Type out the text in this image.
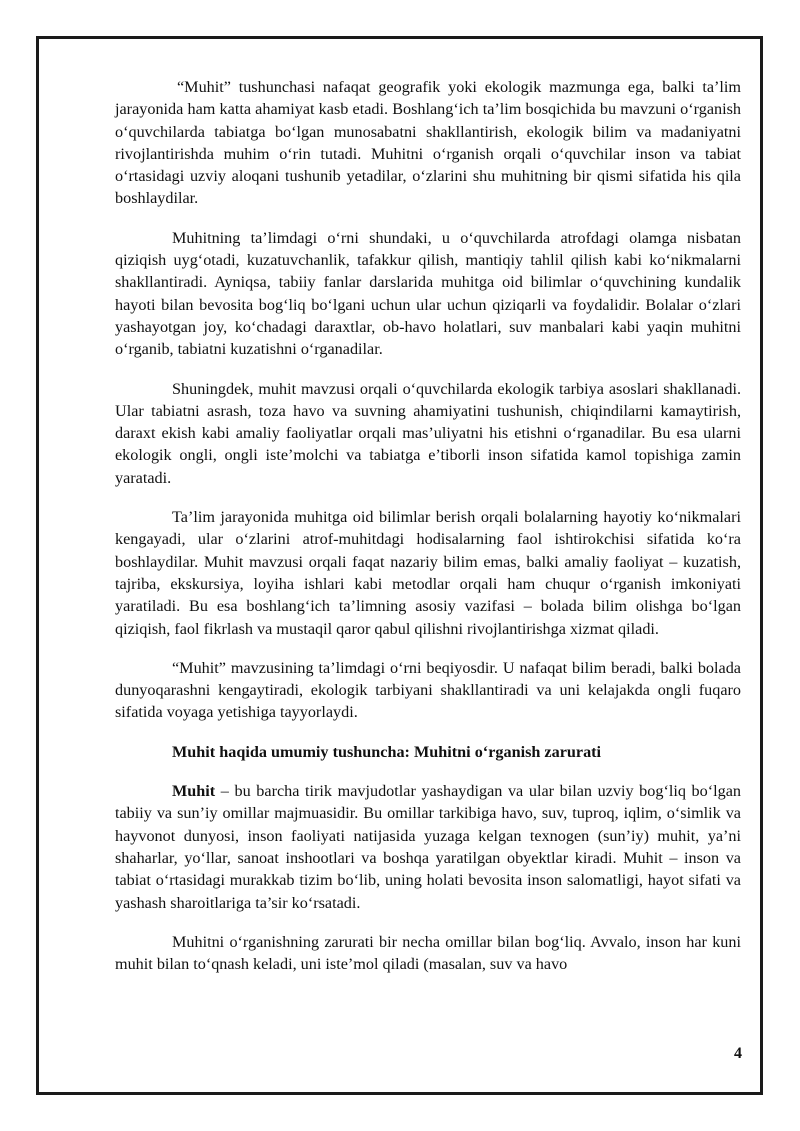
“Muhit” tushunchasi nafaqat geografik yoki ekologik mazmunga ega, balki ta’lim jarayonida ham katta ahamiyat kasb etadi. Boshlang‘ich ta’lim bosqichida bu mavzuni o‘rganish o‘quvchilarda tabiatga bo‘lgan munosabatni shakllantirish, ekologik bilim va madaniyatni rivojlantirishda muhim o‘rin tutadi. Muhitni o‘rganish orqali o‘quvchilar inson va tabiat o‘rtasidagi uzviy aloqani tushunib yetadilar, o‘zlarini shu muhitning bir qismi sifatida his qila boshlaydilar.

Muhitning ta’limdagi o‘rni shundaki, u o‘quvchilarda atrofdagi olamga nisbatan qiziqish uyg‘otadi, kuzatuvchanlik, tafakkur qilish, mantiqiy tahlil qilish kabi ko‘nikmalarni shakllantiradi. Ayniqsa, tabiiy fanlar darslarida muhitga oid bilimlar o‘quvchining kundalik hayoti bilan bevosita bog‘liq bo‘lgani uchun ular uchun qiziqarli va foydalidir. Bolalar o‘zlari yashayotgan joy, ko‘chadagi daraxtlar, ob-havo holatlari, suv manbalari kabi yaqin muhitni o‘rganib, tabiatni kuzatishni o‘rganadilar.

Shuningdek, muhit mavzusi orqali o‘quvchilarda ekologik tarbiya asoslari shakllanadi. Ular tabiatni asrash, toza havo va suvning ahamiyatini tushunish, chiqindilarni kamaytirish, daraxt ekish kabi amaliy faoliyatlar orqali mas’uliyatni his etishni o‘rganadilar. Bu esa ularni ekologik ongli, ongli iste’molchi va tabiatga e’tiborli inson sifatida kamol topishiga zamin yaratadi.

Ta’lim jarayonida muhitga oid bilimlar berish orqali bolalarning hayotiy ko‘nikmalari kengayadi, ular o‘zlarini atrof-muhitdagi hodisalarning faol ishtirokchisi sifatida ko‘ra boshlaydilar. Muhit mavzusi orqali faqat nazariy bilim emas, balki amaliy faoliyat – kuzatish, tajriba, ekskursiya, loyiha ishlari kabi metodlar orqali ham chuqur o‘rganish imkoniyati yaratiladi. Bu esa boshlang‘ich ta’limning asosiy vazifasi – bolada bilim olishga bo‘lgan qiziqish, faol fikrlash va mustaqil qaror qabul qilishni rivojlantirishga xizmat qiladi.

“Muhit” mavzusining ta’limdagi o‘rni beqiyosdir. U nafaqat bilim beradi, balki bolada dunyoqarashni kengaytiradi, ekologik tarbiyani shakllantiradi va uni kelajakda ongli fuqaro sifatida voyaga yetishiga tayyorlaydi.

Muhit haqida umumiy tushuncha: Muhitni o‘rganish zarurati

Muhit – bu barcha tirik mavjudotlar yashaydigan va ular bilan uzviy bog‘liq bo‘lgan tabiiy va sun’iy omillar majmuasidir. Bu omillar tarkibiga havo, suv, tuproq, iqlim, o‘simlik va hayvonot dunyosi, inson faoliyati natijasida yuzaga kelgan texnogen (sun’iy) muhit, ya’ni shaharlar, yo‘llar, sanoat inshootlari va boshqa yaratilgan obyektlar kiradi. Muhit – inson va tabiat o‘rtasidagi murakkab tizim bo‘lib, uning holati bevosita inson salomatligi, hayot sifati va yashash sharoitlariga ta’sir ko‘rsatadi.

Muhitni o‘rganishning zarurati bir necha omillar bilan bog‘liq. Avvalo, inson har kuni muhit bilan to‘qnash keladi, uni iste’mol qiladi (masalan, suv va havo

4
